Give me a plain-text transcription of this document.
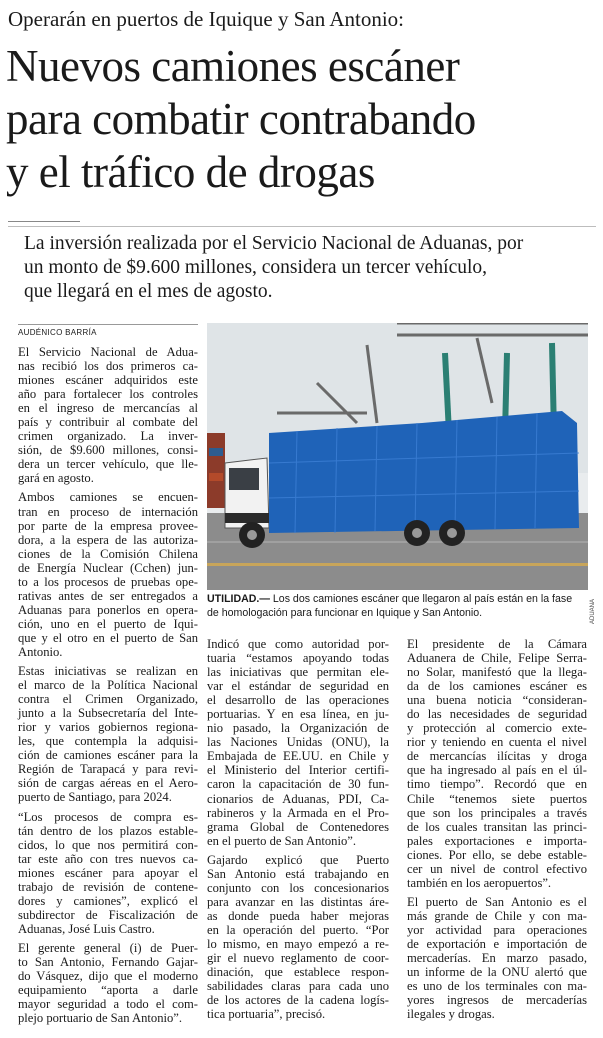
Operarán en puertos de Iquique y San Antonio:
Nuevos camiones escáner
para combatir contrabando
y el tráfico de drogas
La inversión realizada por el Servicio Nacional de Aduanas, por
un monto de $9.600 millones, considera un tercer vehículo,
que llegará en el mes de agosto.
AUDÉNICO BARRÍA
El Servicio Nacional de Adua-
nas recibió los dos primeros ca-
miones escáner adquiridos este
año para fortalecer los controles
en el ingreso de mercancías al
país y contribuir al combate del
crimen organizado. La inver-
sión, de $9.600 millones, consi-
dera un tercer vehículo, que lle-
gará en agosto.
Ambos camiones se encuen-
tran en proceso de internación
por parte de la empresa provee-
dora, a la espera de las autoriza-
ciones de la Comisión Chilena
de Energía Nuclear (Cchen) jun-
to a los procesos de pruebas ope-
rativas antes de ser entregados a
Aduanas para ponerlos en opera-
ción, uno en el puerto de Iqui-
que y el otro en el puerto de San
Antonio.
Estas iniciativas se realizan en
el marco de la Política Nacional
contra el Crimen Organizado,
junto a la Subsecretaría del Inte-
rior y varios gobiernos regiona-
les, que contempla la adquisi-
ción de camiones escáner para la
Región de Tarapacá y para revi-
sión de cargas aéreas en el Aero-
puerto de Santiago, para 2024.
“Los procesos de compra es-
tán dentro de los plazos estable-
cidos, lo que nos permitirá con-
tar este año con tres nuevos ca-
miones escáner para apoyar el
trabajo de revisión de contene-
dores y camiones”, explicó el
subdirector de Fiscalización de
Aduanas, José Luis Castro.
El gerente general (i) de Puer-
to San Antonio, Fernando Gajar-
do Vásquez, dijo que el moderno
equipamiento “aporta a darle
mayor seguridad a todo el com-
plejo portuario de San Antonio”.
ADUANA
UTILIDAD.— Los dos camiones escáner que llegaron al país están en la fase
de homologación para funcionar en Iquique y San Antonio.
Indicó que como autoridad por-
tuaria “estamos apoyando todas
las iniciativas que permitan ele-
var el estándar de seguridad en
el desarrollo de las operaciones
portuarias. Y en esa línea, en ju-
nio pasado, la Organización de
las Naciones Unidas (ONU), la
Embajada de EE.UU. en Chile y
el Ministerio del Interior certifi-
caron la capacitación de 30 fun-
cionarios de Aduanas, PDI, Ca-
rabineros y la Armada en el Pro-
grama Global de Contenedores
en el puerto de San Antonio”.
Gajardo explicó que Puerto
San Antonio está trabajando en
conjunto con los concesionarios
para avanzar en las distintas áre-
as donde pueda haber mejoras
en la operación del puerto. “Por
lo mismo, en mayo empezó a re-
gir el nuevo reglamento de coor-
dinación, que establece respon-
sabilidades claras para cada uno
de los actores de la cadena logís-
tica portuaria”, precisó.
El presidente de la Cámara
Aduanera de Chile, Felipe Serra-
no Solar, manifestó que la llega-
da de los camiones escáner es
una buena noticia “consideran-
do las necesidades de seguridad
y protección al comercio exte-
rior y teniendo en cuenta el nivel
de mercancías ilícitas y droga
que ha ingresado al país en el úl-
timo tiempo”. Recordó que en
Chile “tenemos siete puertos
que son los principales a través
de los cuales transitan las princi-
pales exportaciones e importa-
ciones. Por ello, se debe estable-
cer un nivel de control efectivo
también en los aeropuertos”.
El puerto de San Antonio es el
más grande de Chile y con ma-
yor actividad para operaciones
de exportación e importación de
mercaderías. En marzo pasado,
un informe de la ONU alertó que
es uno de los terminales con ma-
yores ingresos de mercaderías
ilegales y drogas.
